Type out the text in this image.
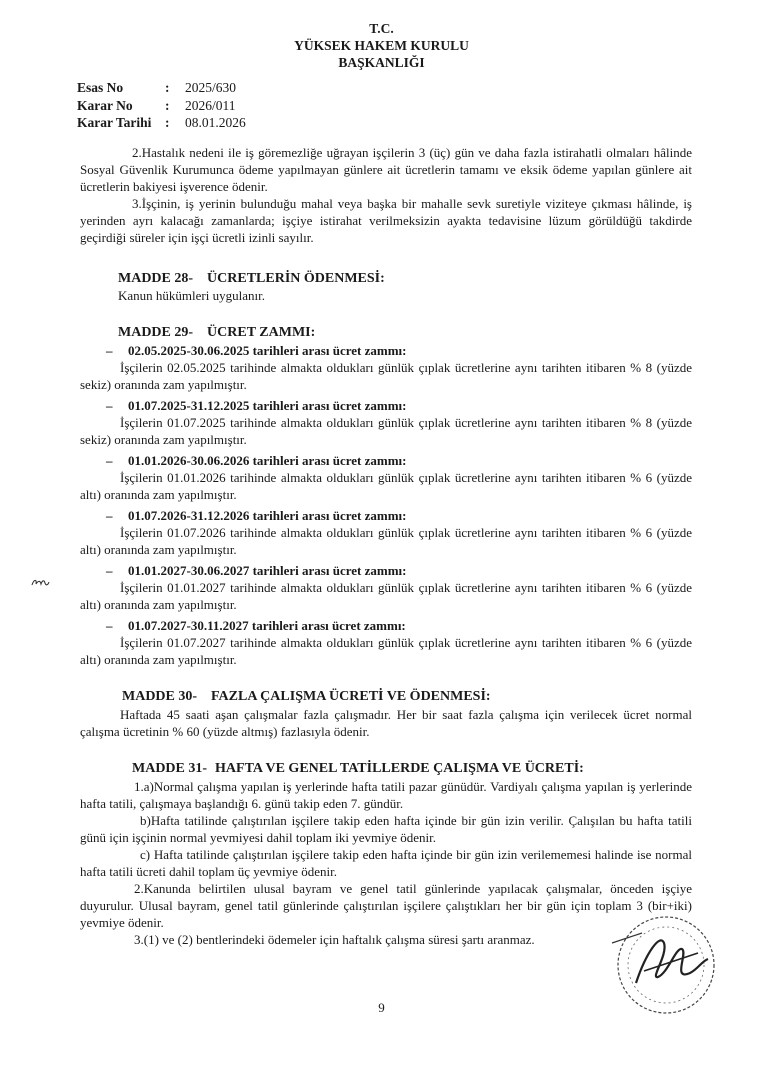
T.C.
YÜKSEK HAKEM KURULU
BAŞKANLIĞI
Esas No	:	2025/630
Karar No	:	2026/011
Karar Tarihi	:	08.01.2026

2.Hastalık nedeni ile iş göremezliğe uğrayan işçilerin 3 (üç) gün ve daha fazla istirahatli olmaları hâlinde Sosyal Güvenlik Kurumunca ödeme yapılmayan günlere ait ücretlerin tamamı ve eksik ödeme yapılan günlere ait ücretlerin bakiyesi işverence ödenir.

3.İşçinin, iş yerinin bulunduğu mahal veya başka bir mahalle sevk suretiyle viziteye çıkması hâlinde, iş yerinden ayrı kalacağı zamanlarda; işçiye istirahat verilmeksizin ayakta tedavisine lüzum görüldüğü takdirde geçirdiği süreler için işçi ücretli izinli sayılır.

MADDE 28- ÜCRETLERİN ÖDENMESİ:
Kanun hükümleri uygulanır.
MADDE 29- ÜCRET ZAMMI:
– 02.05.2025-30.06.2025 tarihleri arası ücret zammı:

İşçilerin 02.05.2025 tarihinde almakta oldukları günlük çıplak ücretlerine aynı tarihten itibaren % 8 (yüzde sekiz) oranında zam yapılmıştır.

– 01.07.2025-31.12.2025 tarihleri arası ücret zammı:

İşçilerin 01.07.2025 tarihinde almakta oldukları günlük çıplak ücretlerine aynı tarihten itibaren % 8 (yüzde sekiz) oranında zam yapılmıştır.

– 01.01.2026-30.06.2026 tarihleri arası ücret zammı:

İşçilerin 01.01.2026 tarihinde almakta oldukları günlük çıplak ücretlerine aynı tarihten itibaren % 6 (yüzde altı) oranında zam yapılmıştır.

– 01.07.2026-31.12.2026 tarihleri arası ücret zammı:

İşçilerin 01.07.2026 tarihinde almakta oldukları günlük çıplak ücretlerine aynı tarihten itibaren % 6 (yüzde altı) oranında zam yapılmıştır.

– 01.01.2027-30.06.2027 tarihleri arası ücret zammı:

İşçilerin 01.01.2027 tarihinde almakta oldukları günlük çıplak ücretlerine aynı tarihten itibaren % 6 (yüzde altı) oranında zam yapılmıştır.

– 01.07.2027-30.11.2027 tarihleri arası ücret zammı:

İşçilerin 01.07.2027 tarihinde almakta oldukları günlük çıplak ücretlerine aynı tarihten itibaren % 6 (yüzde altı) oranında zam yapılmıştır.

MADDE 30- FAZLA ÇALIŞMA ÜCRETİ VE ÖDENMESİ:

Haftada 45 saati aşan çalışmalar fazla çalışmadır. Her bir saat fazla çalışma için verilecek ücret normal çalışma ücretinin % 60 (yüzde altmış) fazlasıyla ödenir.

MADDE 31- HAFTA VE GENEL TATİLLERDE ÇALIŞMA VE ÜCRETİ:

1.a)Normal çalışma yapılan iş yerlerinde hafta tatili pazar günüdür. Vardiyalı çalışma yapılan iş yerlerinde hafta tatili, çalışmaya başlandığı 6. günü takip eden 7. gündür.

b)Hafta tatilinde çalıştırılan işçilere takip eden hafta içinde bir gün izin verilir. Çalışılan bu hafta tatili günü için işçinin normal yevmiyesi dahil toplam iki yevmiye ödenir.

c) Hafta tatilinde çalıştırılan işçilere takip eden hafta içinde bir gün izin verilememesi halinde ise normal hafta tatili ücreti dahil toplam üç yevmiye ödenir.

2.Kanunda belirtilen ulusal bayram ve genel tatil günlerinde yapılacak çalışmalar, önceden işçiye duyurulur. Ulusal bayram, genel tatil günlerinde çalıştırılan işçilere çalıştıkları her bir gün için toplam 3 (bir+iki) yevmiye ödenir.

3.(1) ve (2) bentlerindeki ödemeler için haftalık çalışma süresi şartı aranmaz.

9
